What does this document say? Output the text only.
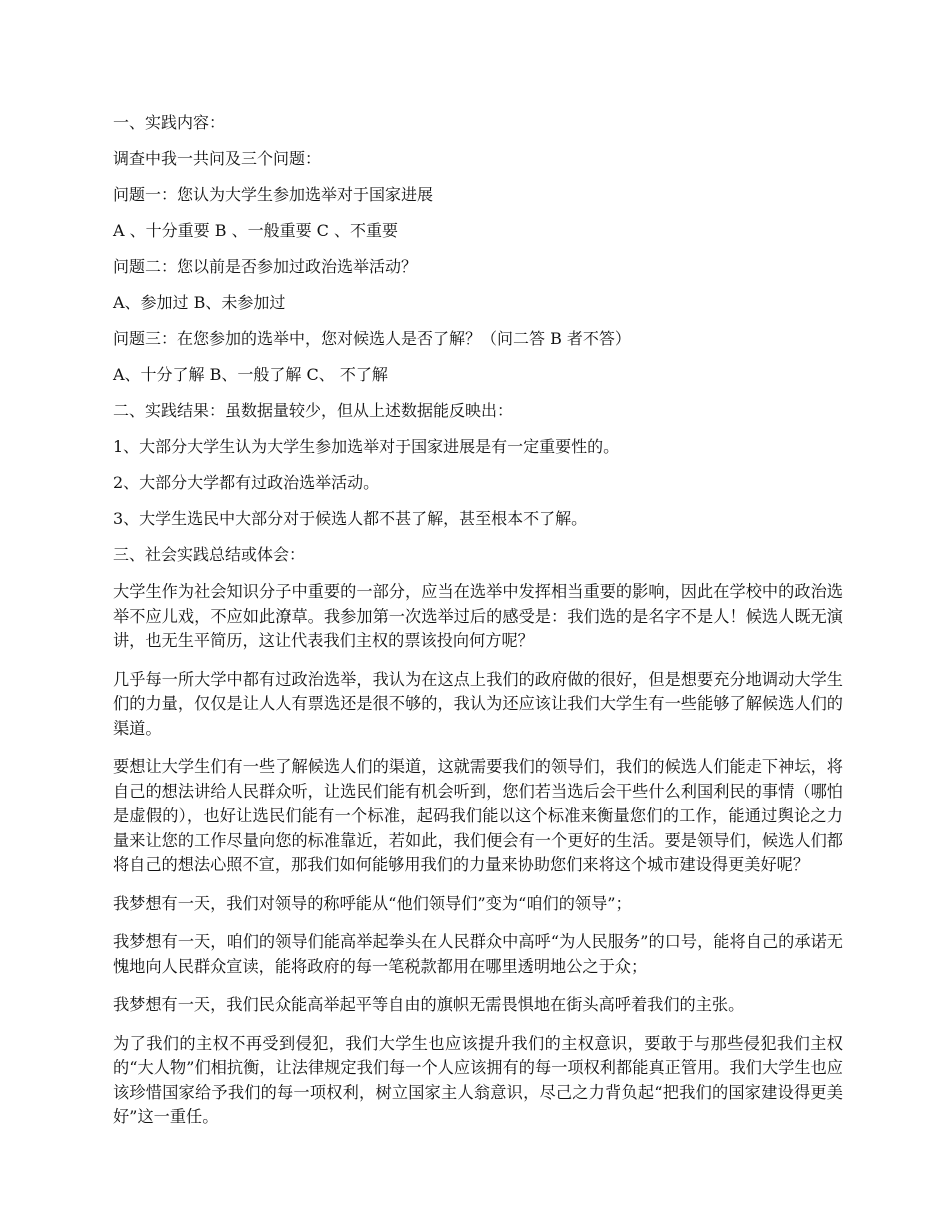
一、实践内容：

调查中我一共问及三个问题：

问题一：您认为大学生参加选举对于国家进展

A 、十分重要 B 、一般重要 C 、不重要

问题二：您以前是否参加过政治选举活动？

A、参加过 B、未参加过

问题三：在您参加的选举中，您对候选人是否了解？（问二答 B 者不答）

A、十分了解 B、一般了解 C、 不了解

二、实践结果：虽数据量较少，但从上述数据能反映出：

1、大部分大学生认为大学生参加选举对于国家进展是有一定重要性的。

2、大部分大学都有过政治选举活动。

3、大学生选民中大部分对于候选人都不甚了解，甚至根本不了解。

三、社会实践总结或体会：

大学生作为社会知识分子中重要的一部分，应当在选举中发挥相当重要的影响，因此在学校中的政治选举不应儿戏，不应如此潦草。我参加第一次选举过后的感受是：我们选的是名字不是人！候选人既无演讲，也无生平简历，这让代表我们主权的票该投向何方呢？

几乎每一所大学中都有过政治选举，我认为在这点上我们的政府做的很好，但是想要充分地调动大学生们的力量，仅仅是让人人有票选还是很不够的，我认为还应该让我们大学生有一些能够了解候选人们的渠道。

要想让大学生们有一些了解候选人们的渠道，这就需要我们的领导们，我们的候选人们能走下神坛，将自己的想法讲给人民群众听，让选民们能有机会听到，您们若当选后会干些什么利国利民的事情（哪怕是虚假的），也好让选民们能有一个标准，起码我们能以这个标准来衡量您们的工作，能通过舆论之力量来让您的工作尽量向您的标准靠近，若如此，我们便会有一个更好的生活。要是领导们，候选人们都将自己的想法心照不宣，那我们如何能够用我们的力量来协助您们来将这个城市建设得更美好呢？

我梦想有一天，我们对领导的称呼能从“他们领导们”变为“咱们的领导”；

我梦想有一天，咱们的领导们能高举起拳头在人民群众中高呼“为人民服务”的口号，能将自己的承诺无愧地向人民群众宣读，能将政府的每一笔税款都用在哪里透明地公之于众；

我梦想有一天，我们民众能高举起平等自由的旗帜无需畏惧地在街头高呼着我们的主张。

为了我们的主权不再受到侵犯，我们大学生也应该提升我们的主权意识，要敢于与那些侵犯我们主权的“大人物”们相抗衡，让法律规定我们每一个人应该拥有的每一项权利都能真正管用。我们大学生也应该珍惜国家给予我们的每一项权利，树立国家主人翁意识，尽己之力背负起“把我们的国家建设得更美好”这一重任。
